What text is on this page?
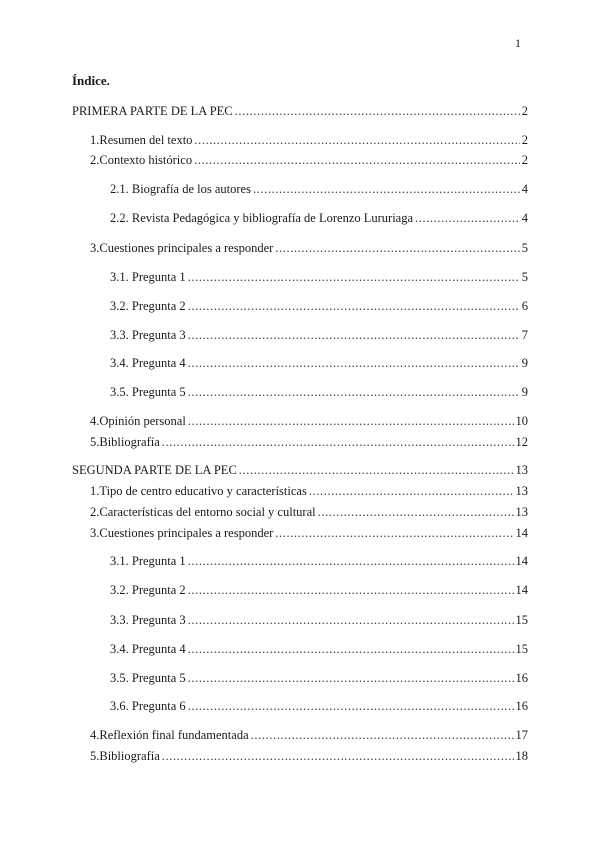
1
Índice.
PRIMERA PARTE DE LA PEC .....	2
1. Resumen del texto .....	2
2. Contexto histórico .....	2
2.1. Biografía de los autores .....	4
2.2. Revista Pedagógica y bibliografía de Lorenzo Lururiaga .....	4
3. Cuestiones principales a responder .....	5
3.1. Pregunta 1 .....	5
3.2. Pregunta 2 .....	6
3.3. Pregunta 3 .....	7
3.4. Pregunta 4 .....	9
3.5. Pregunta 5 .....	9
4. Opinión personal .....	10
5. Bibliografía .....	12
SEGUNDA PARTE DE LA PEC .....	13
1. Tipo de centro educativo y características .....	13
2. Características del entorno social y cultural .....	13
3. Cuestiones principales a responder .....	14
3.1. Pregunta 1 .....	14
3.2. Pregunta 2 .....	14
3.3. Pregunta 3 .....	15
3.4. Pregunta 4 .....	15
3.5. Pregunta 5 .....	16
3.6. Pregunta 6 .....	16
4. Reflexión final fundamentada .....	17
5. Bibliografía .....	18
